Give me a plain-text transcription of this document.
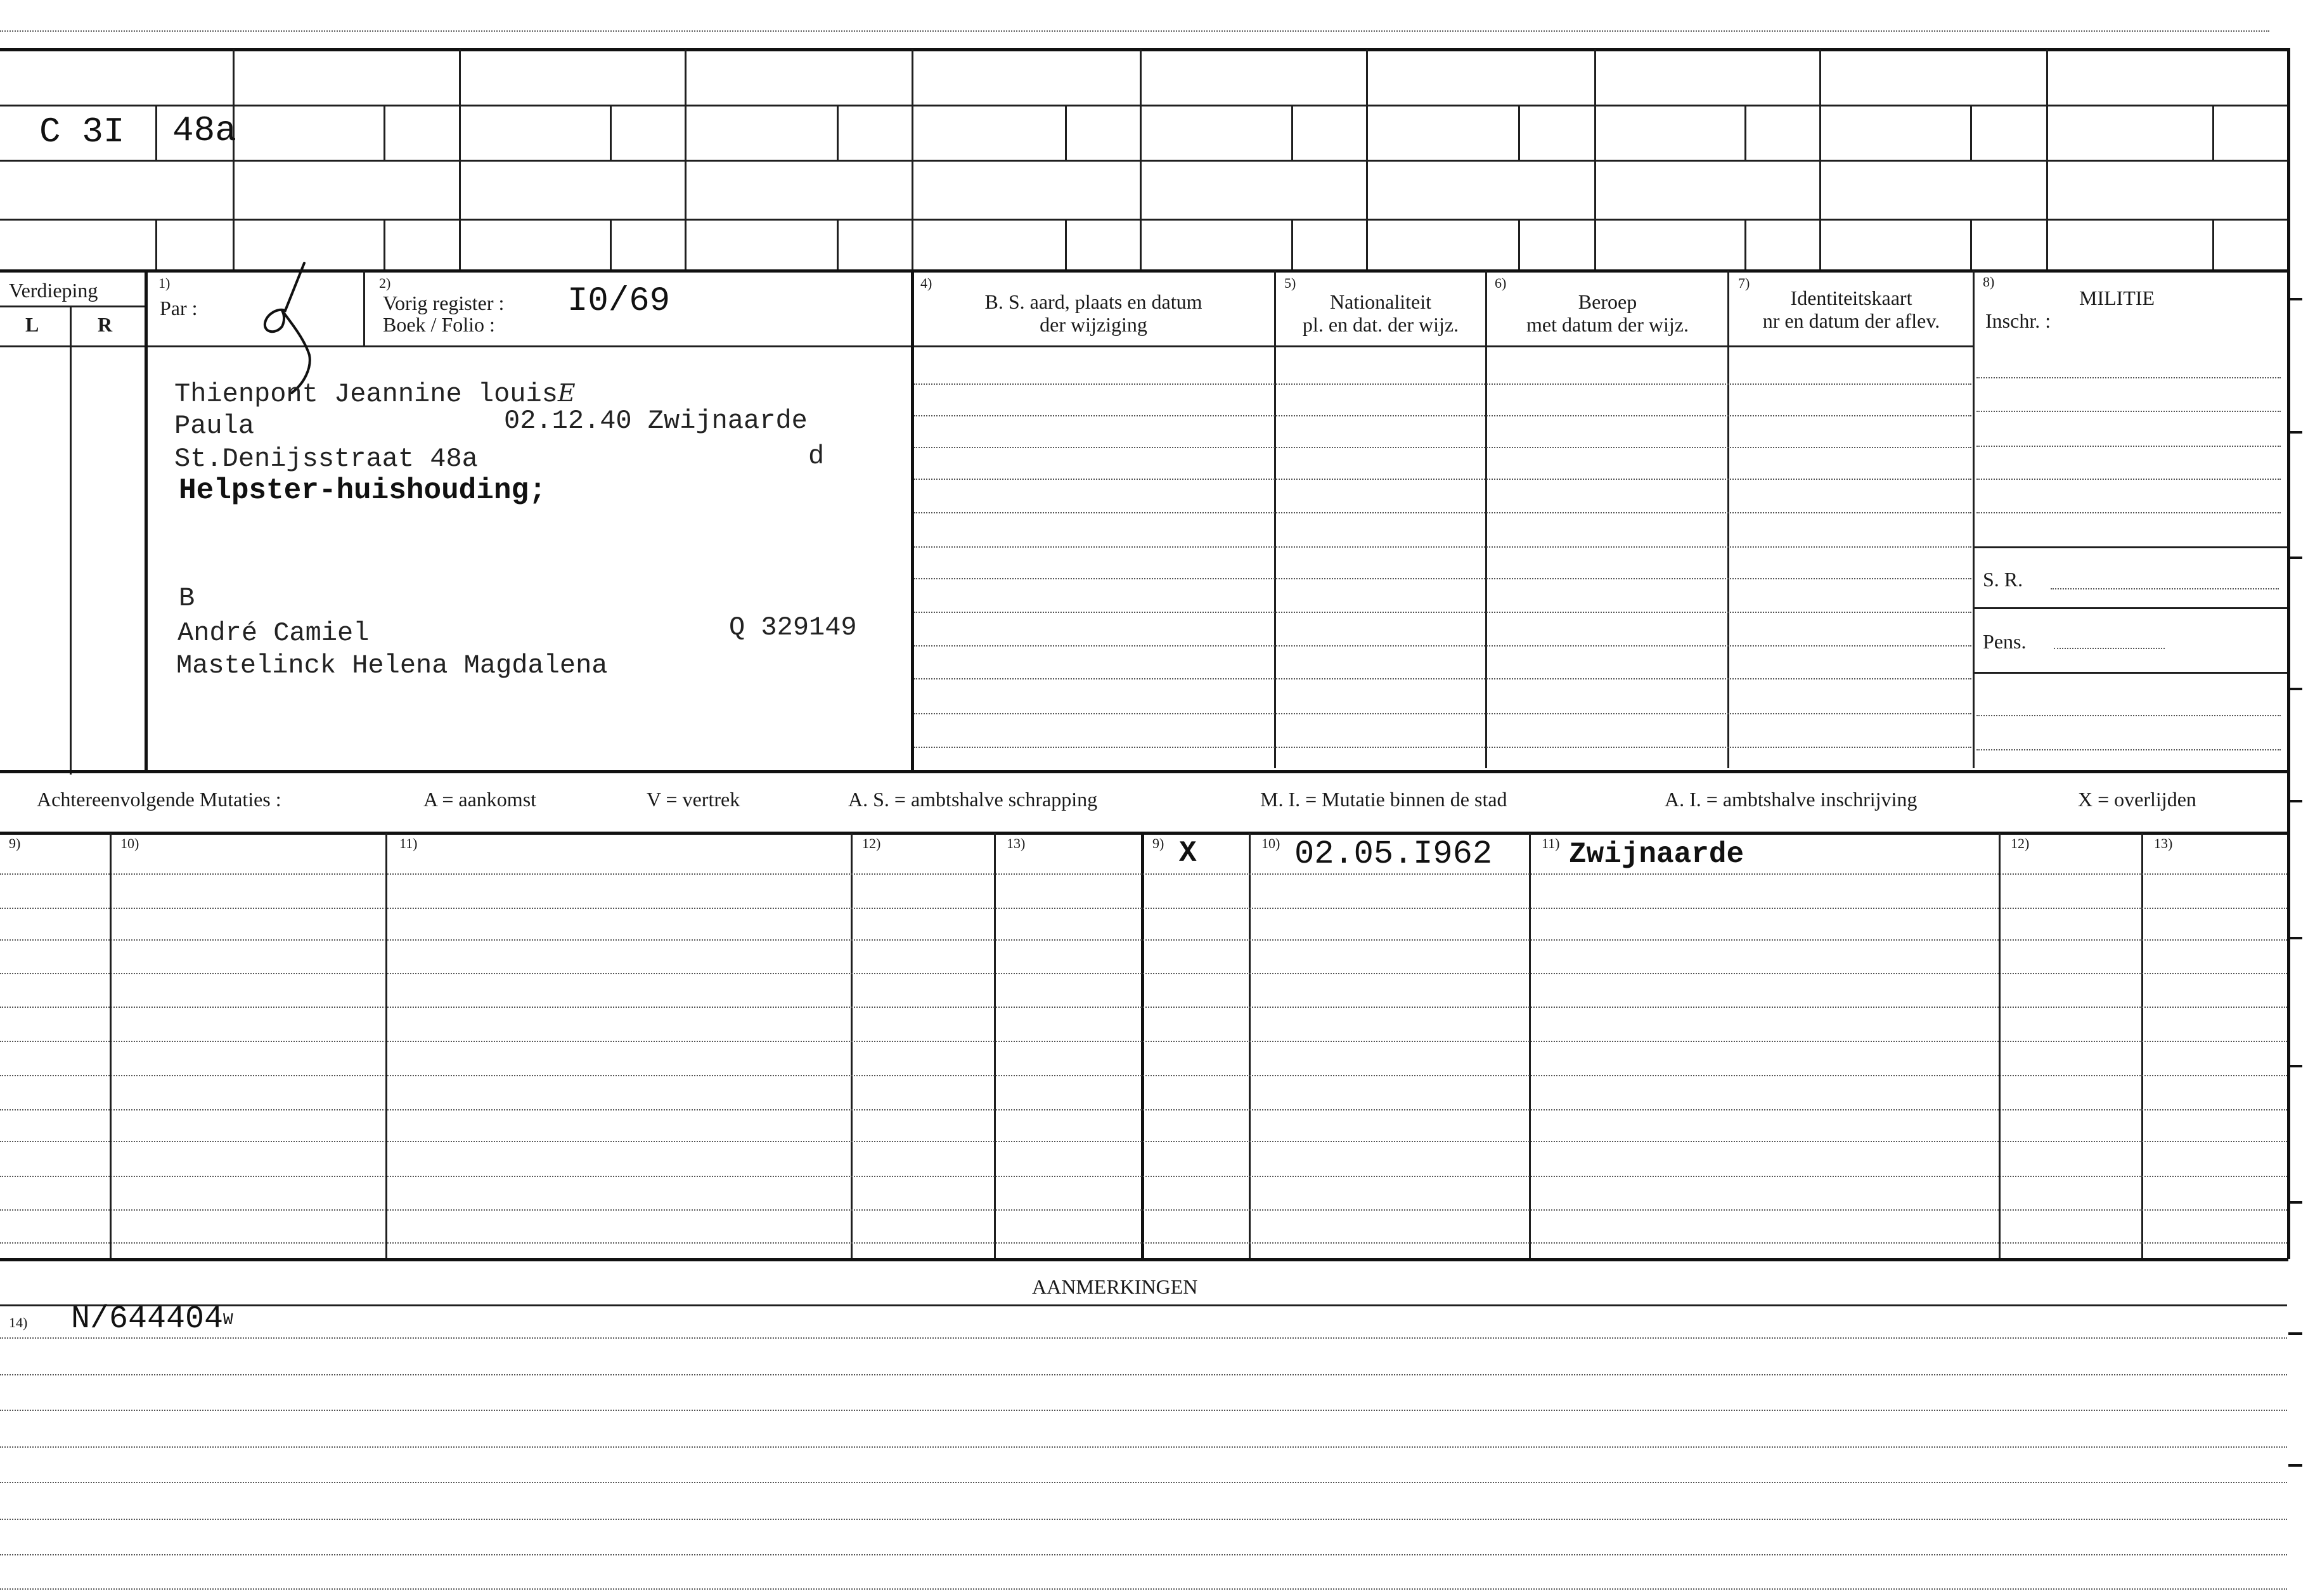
C 3I 48a
Verdieping
L	R
1)
Par :
2)
Vorig register : I0/69
Boek / Folio :
4)
B. S. aard, plaats en datum
der wijziging
5)
Nationaliteit
pl. en dat. der wijz.
6)
Beroep
met datum der wijz.
7)
Identiteitskaart
nr en datum der aflev.
8)
MILITIE
Inschr. :
S. R.
Pens.
Thienpont Jeannine louisE
Paula	02.12.40 Zwijnaarde
St.Denijsstraat 48a	d
Helpster-huishouding;
B
André Camiel	Q 329149
Mastelinck Helena Magdalena
Achtereenvolgende Mutaties :	A = aankomst	V = vertrek	A. S. = ambtshalve schrapping	M. I. = Mutatie binnen de stad	A. I. = ambtshalve inschrijving	X = overlijden
9)	10)	11)	12)	13)	9)	10)	11)	12)	13)
X	02.05.I962	Zwijnaarde
AANMERKINGEN
14) $N/644404^W$
